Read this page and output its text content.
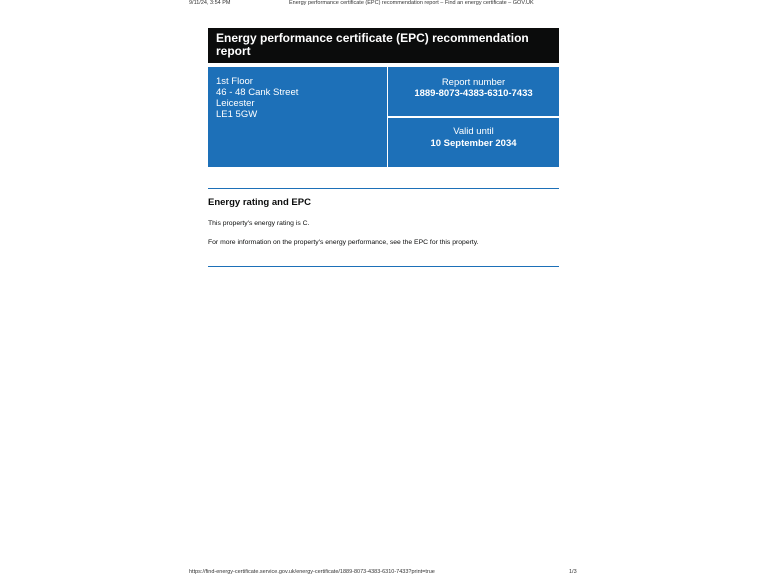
9/11/24, 3:54 PM	Energy performance certificate (EPC) recommendation report – Find an energy certificate – GOV.UK
Energy performance certificate (EPC) recommendation report
1st Floor
46 - 48 Cank Street
Leicester
LE1 5GW
Report number
1889-8073-4383-6310-7433
Valid until
10 September 2034
Energy rating and EPC
This property's energy rating is C.
For more information on the property's energy performance, see the EPC for this property.
https://find-energy-certificate.service.gov.uk/energy-certificate/1889-8073-4383-6310-7433?print=true	1/3
